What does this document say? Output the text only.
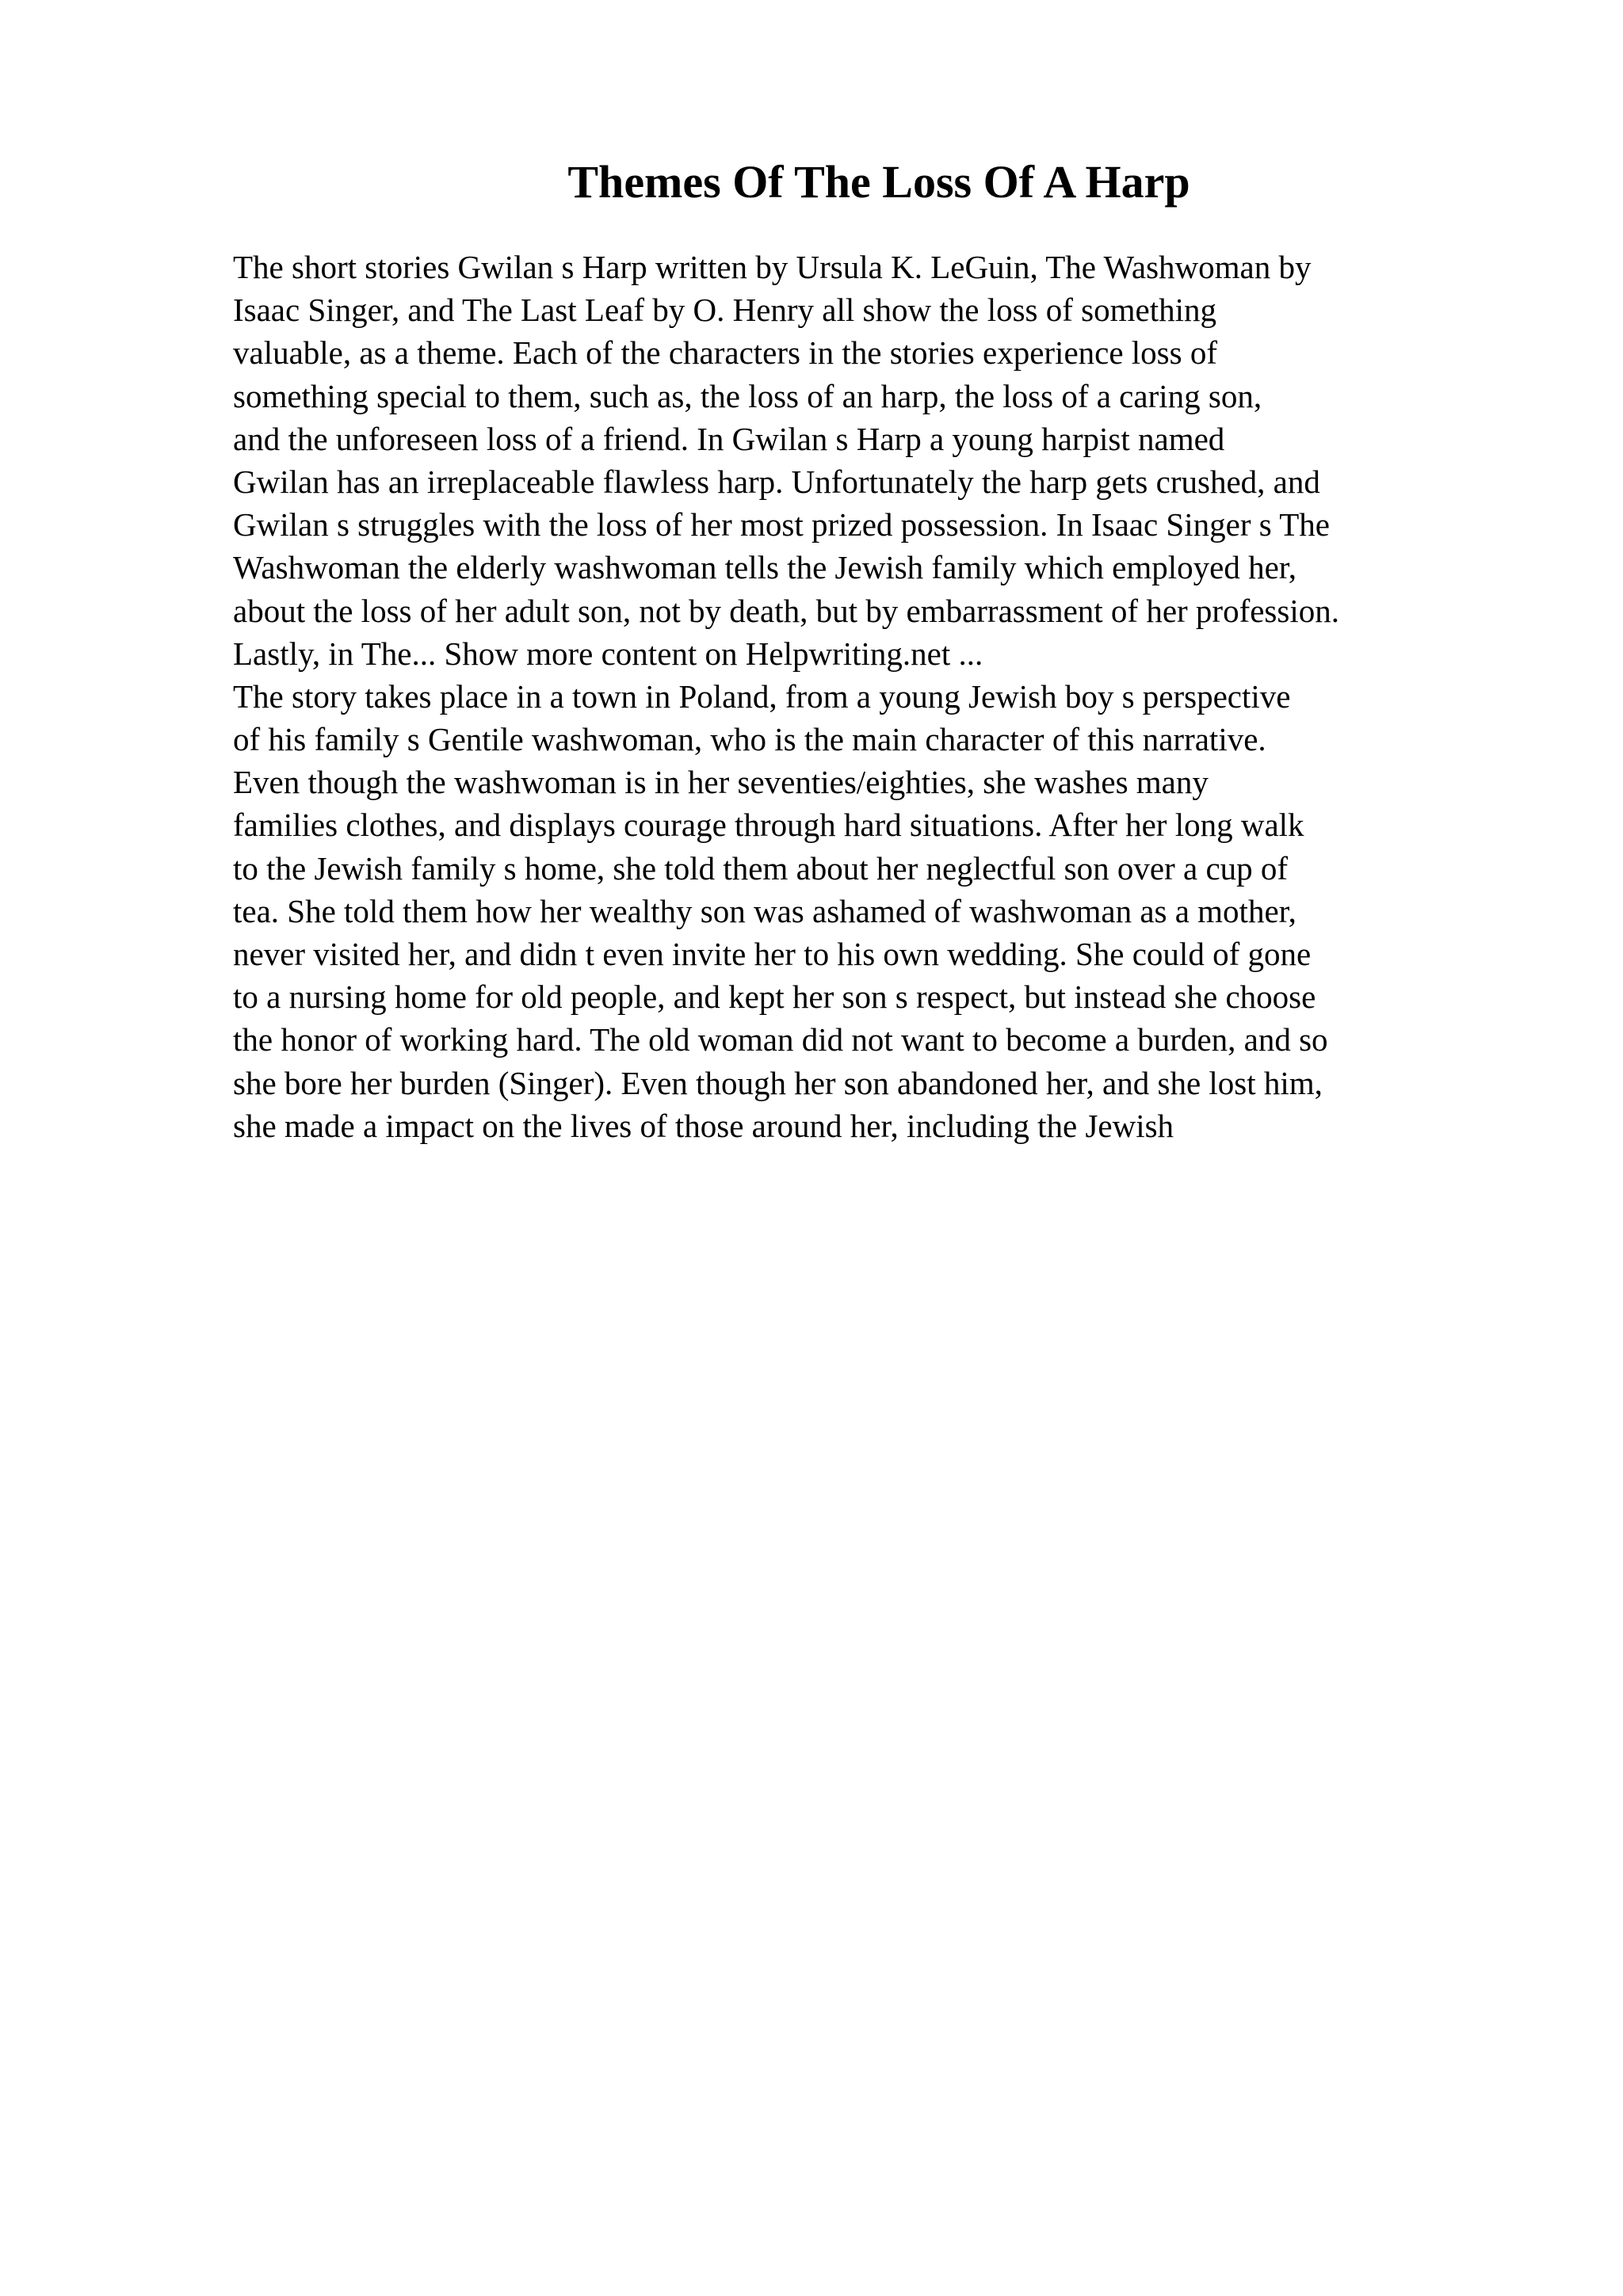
Themes Of The Loss Of A Harp
The short stories Gwilan s Harp written by Ursula K. LeGuin, The Washwoman by
Isaac Singer, and The Last Leaf by O. Henry all show the loss of something
valuable, as a theme. Each of the characters in the stories experience loss of
something special to them, such as, the loss of an harp, the loss of a caring son,
and the unforeseen loss of a friend. In Gwilan s Harp a young harpist named
Gwilan has an irreplaceable flawless harp. Unfortunately the harp gets crushed, and
Gwilan s struggles with the loss of her most prized possession. In Isaac Singer s The
Washwoman the elderly washwoman tells the Jewish family which employed her,
about the loss of her adult son, not by death, but by embarrassment of her profession.
Lastly, in The... Show more content on Helpwriting.net ...
The story takes place in a town in Poland, from a young Jewish boy s perspective
of his family s Gentile washwoman, who is the main character of this narrative.
Even though the washwoman is in her seventies/eighties, she washes many
families clothes, and displays courage through hard situations. After her long walk
to the Jewish family s home, she told them about her neglectful son over a cup of
tea. She told them how her wealthy son was ashamed of washwoman as a mother,
never visited her, and didn t even invite her to his own wedding. She could of gone
to a nursing home for old people, and kept her son s respect, but instead she choose
the honor of working hard. The old woman did not want to become a burden, and so
she bore her burden (Singer). Even though her son abandoned her, and she lost him,
she made a impact on the lives of those around her, including the Jewish
